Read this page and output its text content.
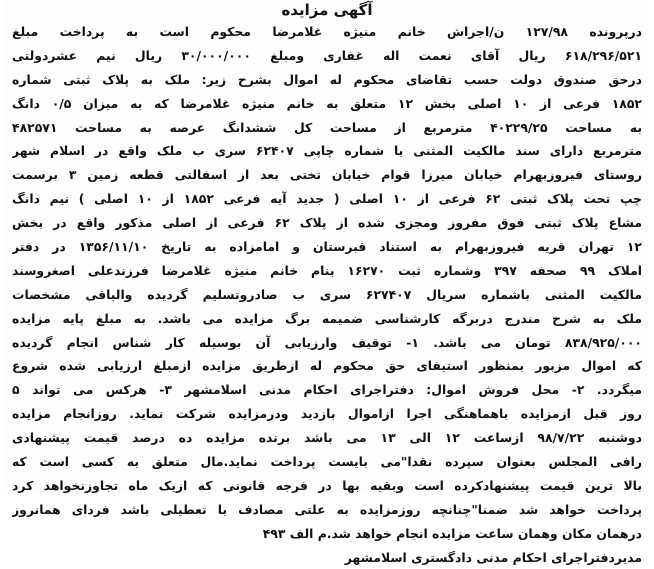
آگهی مزایده
درپرونده ۱۲۷/۹۸ ن/اجراش خانم منیژه غلامرضا محکوم است به پرداخت مبلغ
۶۱۸/۲۹۶/۵۲۱ ریال آقای نعمت اله غفاری ومبلغ ۳۰/۰۰۰/۰۰۰ ریال نیم عشردولتی
درحق صندوق دولت حسب تقاضای محکوم له اموال بشرح زیر: ملک به پلاک ثبتی شماره
۱۸۵۲ فرعی از ۱۰ اصلی بخش ۱۲ متعلق به خانم منیژه غلامرضا که به میزان ۰/۵ دانگ
به مساحت ۴۰۲۲۹/۲۵ مترمربع از مساحت کل ششدانگ عرصه به مساحت ۴۸۲۵۷۱
مترمربع دارای سند مالکیت المثنی با شماره چاپی ۶۲۴۰۷ سری ب ملک واقع در اسلام شهر
روستای فیروزبهرام خیابان میرزا قوام خیابان تختی بعد از اسفالتی قطعه زمین ۳ برسمت
چپ تحت پلاک ثبتی ۶۲ فرعی از ۱۰ اصلی ( جدید آیه فرعی ۱۸۵۲ از ۱۰ اصلی ) نیم دانگ
مشاع پلاک ثبتی فوق مفروز ومجزی شده از پلاک ۶۲ فرعی از اصلی مذکور واقع در بخش
۱۲ تهران قریه فیروزبهرام به استناد قبرستان و امامزاده به تاریخ ۱۳۵۶/۱۱/۱۰ در دفتر
املاک ۹۹ صحفه ۳۹۷ وشماره ثبت ۱۶۲۷۰ بنام خانم منیژه غلامرضا فرزندعلی اصغروسند
مالکیت المثنی باشماره سریال ۶۲۷۴۰۷ سری ب صادروتسلیم گردیده والباقی مشخصات
ملک به شرح مندرج دربرگه کارشناسی ضمیمه برگ مزایده می باشد. به مبلغ پایه مزایده
۸۳۸/۹۲۵/۰۰۰ تومان می باشد. ۱- توقیف وارزیابی آن بوسیله کار شناس انجام گردیده
که اموال مزبور بمنظور استیفای حق محکوم له ازطریق مزایده ازمبلغ ارزیابی شده شروع
میگردد. ۲- محل فروش اموال: دفتراجرای احکام مدنی اسلامشهر ۳- هرکس می تواند ۵
روز قبل ازمزایده باهماهنگی اجرا ازاموال بازدید ودرمزایده شرکت نماید. روزانجام مزایده
دوشنبه ۹۸/۷/۲۲ ازساعت ۱۲ الی ۱۳ می باشد برنده مزایده ده درصد قیمت پیشنهادی
رافی المجلس بعنوان سپرده نقدا"می بایست پرداخت نماید.مال متعلق به کسی است که
بالا ترین قیمت پیشنهادکرده است وبقیه بها در فرجه قانونی که ازیک ماه تجاوزنخواهد کرد
پرداخت خواهد شد ضمنا"چنانچه روزمزایده به علتی مصادف با تعطیلی باشد فردای همانروز
درهمان مکان وهمان ساعت مزایده انجام خواهد شد.م الف ۴۹۳
مدیردفتراجرای احکام مدنی دادگستری اسلامشهر
